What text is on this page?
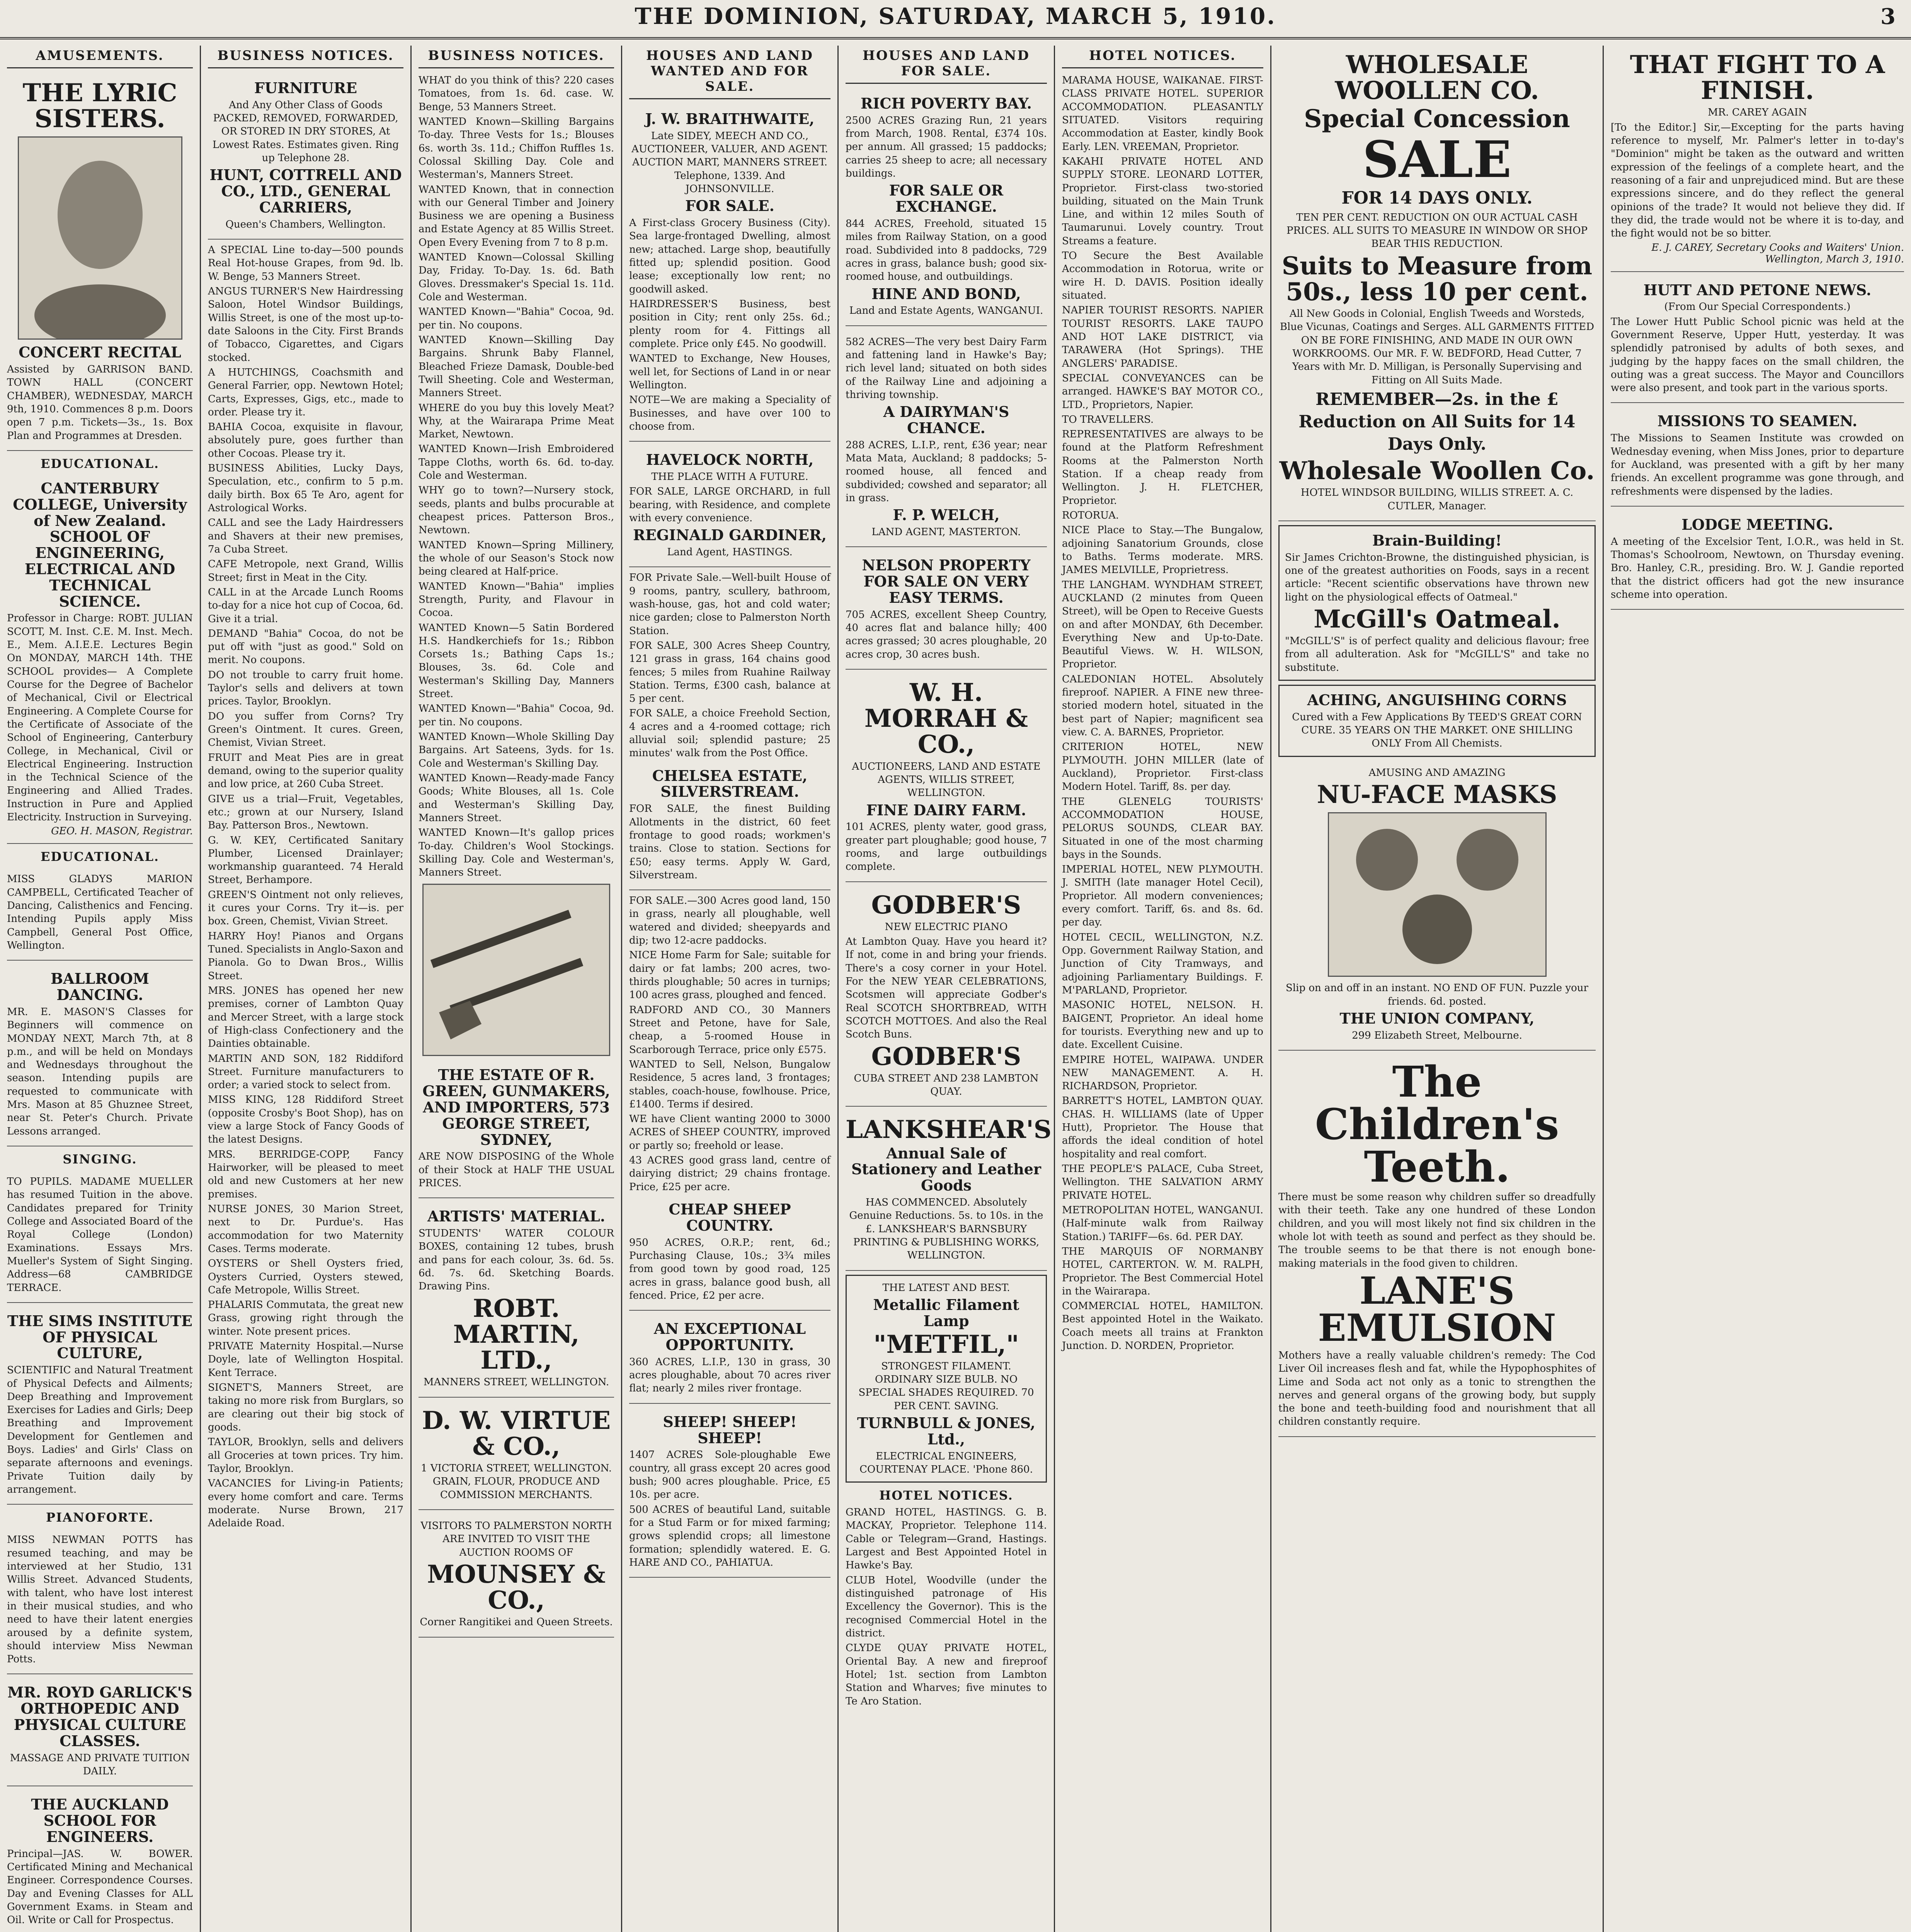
THE DOMINION, SATURDAY, MARCH 5, 1910.	3
AMUSEMENTS.
THE LYRIC SISTERS.
CONCERT RECITAL

Assisted by GARRISON BAND. TOWN HALL (CONCERT CHAMBER), WEDNESDAY, MARCH 9th, 1910. Commences 8 p.m. Doors open 7 p.m. Tickets—3s., 1s. Box Plan and Programmes at Dresden.

EDUCATIONAL.
CANTERBURY COLLEGE, University of New Zealand. SCHOOL OF ENGINEERING, ELECTRICAL AND TECHNICAL SCIENCE.

Professor in Charge: ROBT. JULIAN SCOTT, M. Inst. C.E. M. Inst. Mech. E., Mem. A.I.E.E. Lectures Begin On MONDAY, MARCH 14th. THE SCHOOL provides— A Complete Course for the Degree of Bachelor of Mechanical, Civil or Electrical Engineering. A Complete Course for the Certificate of Associate of the School of Engineering, Canterbury College, in Mechanical, Civil or Electrical Engineering. Instruction in the Technical Science of the Engineering and Allied Trades. Instruction in Pure and Applied Electricity. Instruction in Surveying.

GEO. H. MASON, Registrar.
EDUCATIONAL.

MISS GLADYS MARION CAMPBELL, Certificated Teacher of Dancing, Calisthenics and Fencing. Intending Pupils apply Miss Campbell, General Post Office, Wellington.

BALLROOM DANCING.

MR. E. MASON'S Classes for Beginners will commence on MONDAY NEXT, March 7th, at 8 p.m., and will be held on Mondays and Wednesdays throughout the season. Intending pupils are requested to communicate with Mrs. Mason at 85 Ghuznee Street, near St. Peter's Church. Private Lessons arranged.

SINGING.

TO PUPILS. MADAME MUELLER has resumed Tuition in the above. Candidates prepared for Trinity College and Associated Board of the Royal College (London) Examinations. Essays Mrs. Mueller's System of Sight Singing. Address—68 CAMBRIDGE TERRACE.

THE SIMS INSTITUTE OF PHYSICAL CULTURE,

SCIENTIFIC and Natural Treatment of Physical Defects and Ailments; Deep Breathing and Improvement Exercises for Ladies and Girls; Deep Breathing and Improvement Development for Gentlemen and Boys. Ladies' and Girls' Class on separate afternoons and evenings. Private Tuition daily by arrangement.

PIANOFORTE.

MISS NEWMAN POTTS has resumed teaching, and may be interviewed at her Studio, 131 Willis Street. Advanced Students, with talent, who have lost interest in their musical studies, and who need to have their latent energies aroused by a definite system, should interview Miss Newman Potts.

MR. ROYD GARLICK'S ORTHOPEDIC AND PHYSICAL CULTURE CLASSES.

MASSAGE AND PRIVATE TUITION DAILY.

THE AUCKLAND SCHOOL FOR ENGINEERS.

Principal—JAS. W. BOWER. Certificated Mining and Mechanical Engineer. Correspondence Courses. Day and Evening Classes for ALL Government Exams. in Steam and Oil. Write or Call for Prospectus.

BUSINESS NOTICES.
FURNITURE

And Any Other Class of Goods PACKED, REMOVED, FORWARDED, OR STORED IN DRY STORES, At Lowest Rates. Estimates given. Ring up Telephone 28.

HUNT, COTTRELL AND CO., LTD., GENERAL CARRIERS,

Queen's Chambers, Wellington.

A SPECIAL Line to-day—500 pounds Real Hot-house Grapes, from 9d. lb. W. Benge, 53 Manners Street.

ANGUS TURNER'S New Hairdressing Saloon, Hotel Windsor Buildings, Willis Street, is one of the most up-to-date Saloons in the City. First Brands of Tobacco, Cigarettes, and Cigars stocked.

A HUTCHINGS, Coachsmith and General Farrier, opp. Newtown Hotel; Carts, Expresses, Gigs, etc., made to order. Please try it.

BAHIA Cocoa, exquisite in flavour, absolutely pure, goes further than other Cocoas. Please try it.

BUSINESS Abilities, Lucky Days, Speculation, etc., confirm to 5 p.m. daily birth. Box 65 Te Aro, agent for Astrological Works.

CALL and see the Lady Hairdressers and Shavers at their new premises, 7a Cuba Street.

CAFE Metropole, next Grand, Willis Street; first in Meat in the City.

CALL in at the Arcade Lunch Rooms to-day for a nice hot cup of Cocoa, 6d. Give it a trial.

DEMAND "Bahia" Cocoa, do not be put off with "just as good." Sold on merit. No coupons.

DO not trouble to carry fruit home. Taylor's sells and delivers at town prices. Taylor, Brooklyn.

DO you suffer from Corns? Try Green's Ointment. It cures. Green, Chemist, Vivian Street.

FRUIT and Meat Pies are in great demand, owing to the superior quality and low price, at 260 Cuba Street.

GIVE us a trial—Fruit, Vegetables, etc.; grown at our Nursery, Island Bay. Patterson Bros., Newtown.

G. W. KEY, Certificated Sanitary Plumber, Licensed Drainlayer; workmanship guaranteed. 74 Herald Street, Berhampore.

GREEN'S Ointment not only relieves, it cures your Corns. Try it—is. per box. Green, Chemist, Vivian Street.

HARRY Hoy! Pianos and Organs Tuned. Specialists in Anglo-Saxon and Pianola. Go to Dwan Bros., Willis Street.

MRS. JONES has opened her new premises, corner of Lambton Quay and Mercer Street, with a large stock of High-class Confectionery and the Dainties obtainable.

MARTIN AND SON, 182 Riddiford Street. Furniture manufacturers to order; a varied stock to select from.

MISS KING, 128 Riddiford Street (opposite Crosby's Boot Shop), has on view a large Stock of Fancy Goods of the latest Designs.

MRS. BERRIDGE-COPP, Fancy Hairworker, will be pleased to meet old and new Customers at her new premises.

NURSE JONES, 30 Marion Street, next to Dr. Purdue's. Has accommodation for two Maternity Cases. Terms moderate.

OYSTERS or Shell Oysters fried, Oysters Curried, Oysters stewed, Cafe Metropole, Willis Street.

PHALARIS Commutata, the great new Grass, growing right through the winter. Note present prices.

PRIVATE Maternity Hospital.—Nurse Doyle, late of Wellington Hospital. Kent Terrace.

SIGNET'S, Manners Street, are taking no more risk from Burglars, so are clearing out their big stock of goods.

TAYLOR, Brooklyn, sells and delivers all Groceries at town prices. Try him. Taylor, Brooklyn.

VACANCIES for Living-in Patients; every home comfort and care. Terms moderate. Nurse Brown, 217 Adelaide Road.

BUSINESS NOTICES.

WHAT do you think of this? 220 cases Tomatoes, from 1s. 6d. case. W. Benge, 53 Manners Street.

WANTED Known—Skilling Bargains To-day. Three Vests for 1s.; Blouses 6s. worth 3s. 11d.; Chiffon Ruffles 1s. Colossal Skilling Day. Cole and Westerman's, Manners Street.

WANTED Known, that in connection with our General Timber and Joinery Business we are opening a Business and Estate Agency at 85 Willis Street. Open Every Evening from 7 to 8 p.m.

WANTED Known—Colossal Skilling Day, Friday. To-Day. 1s. 6d. Bath Gloves. Dressmaker's Special 1s. 11d. Cole and Westerman.

WANTED Known—"Bahia" Cocoa, 9d. per tin. No coupons.

WANTED Known—Skilling Day Bargains. Shrunk Baby Flannel, Bleached Frieze Damask, Double-bed Twill Sheeting. Cole and Westerman, Manners Street.

WHERE do you buy this lovely Meat? Why, at the Wairarapa Prime Meat Market, Newtown.

WANTED Known—Irish Embroidered Tappe Cloths, worth 6s. 6d. to-day. Cole and Westerman.

WHY go to town?—Nursery stock, seeds, plants and bulbs procurable at cheapest prices. Patterson Bros., Newtown.

WANTED Known—Spring Millinery, the whole of our Season's Stock now being cleared at Half-price.

WANTED Known—"Bahia" implies Strength, Purity, and Flavour in Cocoa.

WANTED Known—5 Satin Bordered H.S. Handkerchiefs for 1s.; Ribbon Corsets 1s.; Bathing Caps 1s.; Blouses, 3s. 6d. Cole and Westerman's Skilling Day, Manners Street.

WANTED Known—"Bahia" Cocoa, 9d. per tin. No coupons.

WANTED Known—Whole Skilling Day Bargains. Art Sateens, 3yds. for 1s. Cole and Westerman's Skilling Day.

WANTED Known—Ready-made Fancy Goods; White Blouses, all 1s. Cole and Westerman's Skilling Day, Manners Street.

WANTED Known—It's gallop prices To-day. Children's Wool Stockings. Skilling Day. Cole and Westerman's, Manners Street.

THE ESTATE OF R. GREEN, GUNMAKERS, AND IMPORTERS, 573 GEORGE STREET, SYDNEY,

ARE NOW DISPOSING of the Whole of their Stock at HALF THE USUAL PRICES.

ARTISTS' MATERIAL.

STUDENTS' WATER COLOUR BOXES, containing 12 tubes, brush and pans for each colour, 3s. 6d. 5s. 6d. 7s. 6d. Sketching Boards. Drawing Pins.

ROBT. MARTIN, LTD.,

MANNERS STREET, WELLINGTON.

D. W. VIRTUE & CO.,

1 VICTORIA STREET, WELLINGTON. GRAIN, FLOUR, PRODUCE AND COMMISSION MERCHANTS.

VISITORS TO PALMERSTON NORTH ARE INVITED TO VISIT THE AUCTION ROOMS OF

MOUNSEY & CO.,

Corner Rangitikei and Queen Streets.

HOUSES AND LAND WANTED AND FOR SALE.
J. W. BRAITHWAITE,

Late SIDEY, MEECH AND CO., AUCTIONEER, VALUER, AND AGENT. AUCTION MART, MANNERS STREET. Telephone, 1339. And JOHNSONVILLE.

FOR SALE.

A First-class Grocery Business (City). Sea large-frontaged Dwelling, almost new; attached. Large shop, beautifully fitted up; splendid position. Good lease; exceptionally low rent; no goodwill asked.

HAIRDRESSER'S Business, best position in City; rent only 25s. 6d.; plenty room for 4. Fittings all complete. Price only £45. No goodwill.

WANTED to Exchange, New Houses, well let, for Sections of Land in or near Wellington.

NOTE—We are making a Speciality of Businesses, and have over 100 to choose from.

HAVELOCK NORTH,

THE PLACE WITH A FUTURE.

FOR SALE, LARGE ORCHARD, in full bearing, with Residence, and complete with every convenience.

REGINALD GARDINER,

Land Agent, HASTINGS.

FOR Private Sale.—Well-built House of 9 rooms, pantry, scullery, bathroom, wash-house, gas, hot and cold water; nice garden; close to Palmerston North Station.

FOR SALE, 300 Acres Sheep Country, 121 grass in grass, 164 chains good fences; 5 miles from Ruahine Railway Station. Terms, £300 cash, balance at 5 per cent.

FOR SALE, a choice Freehold Section, 4 acres and a 4-roomed cottage; rich alluvial soil; splendid pasture; 25 minutes' walk from the Post Office.

CHELSEA ESTATE, SILVERSTREAM.

FOR SALE, the finest Building Allotments in the district, 60 feet frontage to good roads; workmen's trains. Close to station. Sections for £50; easy terms. Apply W. Gard, Silverstream.

FOR SALE.—300 Acres good land, 150 in grass, nearly all ploughable, well watered and divided; sheepyards and dip; two 12-acre paddocks.

NICE Home Farm for Sale; suitable for dairy or fat lambs; 200 acres, two-thirds ploughable; 50 acres in turnips; 100 acres grass, ploughed and fenced.

RADFORD AND CO., 30 Manners Street and Petone, have for Sale, cheap, a 5-roomed House in Scarborough Terrace, price only £575.

WANTED to Sell, Nelson, Bungalow Residence, 5 acres land, 3 frontages; stables, coach-house, fowlhouse. Price, £1400. Terms if desired.

WE have Client wanting 2000 to 3000 ACRES of SHEEP COUNTRY, improved or partly so; freehold or lease.

43 ACRES good grass land, centre of dairying district; 29 chains frontage. Price, £25 per acre.

CHEAP SHEEP COUNTRY.

950 ACRES, O.R.P.; rent, 6d.; Purchasing Clause, 10s.; 3¾ miles from good town by good road, 125 acres in grass, balance good bush, all fenced. Price, £2 per acre.

AN EXCEPTIONAL OPPORTUNITY.

360 ACRES, L.I.P., 130 in grass, 30 acres ploughable, about 70 acres river flat; nearly 2 miles river frontage.

SHEEP! SHEEP! SHEEP!

1407 ACRES Sole-ploughable Ewe country, all grass except 20 acres good bush; 900 acres ploughable. Price, £5 10s. per acre.

500 ACRES of beautiful Land, suitable for a Stud Farm or for mixed farming; grows splendid crops; all limestone formation; splendidly watered. E. G. HARE AND CO., PAHIATUA.

HOUSES AND LAND FOR SALE.
RICH POVERTY BAY.

2500 ACRES Grazing Run, 21 years from March, 1908. Rental, £374 10s. per annum. All grassed; 15 paddocks; carries 25 sheep to acre; all necessary buildings.

FOR SALE OR EXCHANGE.

844 ACRES, Freehold, situated 15 miles from Railway Station, on a good road. Subdivided into 8 paddocks, 729 acres in grass, balance bush; good six-roomed house, and outbuildings.

HINE AND BOND,

Land and Estate Agents, WANGANUI.

582 ACRES—The very best Dairy Farm and fattening land in Hawke's Bay; rich level land; situated on both sides of the Railway Line and adjoining a thriving township.

A DAIRYMAN'S CHANCE.

288 ACRES, L.I.P., rent, £36 year; near Mata Mata, Auckland; 8 paddocks; 5-roomed house, all fenced and subdivided; cowshed and separator; all in grass.

F. P. WELCH,

LAND AGENT, MASTERTON.

NELSON PROPERTY FOR SALE ON VERY EASY TERMS.

705 ACRES, excellent Sheep Country, 40 acres flat and balance hilly; 400 acres grassed; 30 acres ploughable, 20 acres crop, 30 acres bush.

W. H. MORRAH & CO.,

AUCTIONEERS, LAND AND ESTATE AGENTS, WILLIS STREET, WELLINGTON.

FINE DAIRY FARM.

101 ACRES, plenty water, good grass, greater part ploughable; good house, 7 rooms, and large outbuildings complete.

GODBER'S

NEW ELECTRIC PIANO

At Lambton Quay. Have you heard it? If not, come in and bring your friends. There's a cosy corner in your Hotel. For the NEW YEAR CELEBRATIONS, Scotsmen will appreciate Godber's Real SCOTCH SHORTBREAD, WITH SCOTCH MOTTOES. And also the Real Scotch Buns.

GODBER'S

CUBA STREET AND 238 LAMBTON QUAY.

LANKSHEAR'S
Annual Sale of Stationery and Leather Goods

HAS COMMENCED. Absolutely Genuine Reductions. 5s. to 10s. in the £. LANKSHEAR'S BARNSBURY PRINTING & PUBLISHING WORKS, WELLINGTON.

THE LATEST AND BEST.

Metallic Filament Lamp
"METFIL,"

STRONGEST FILAMENT. ORDINARY SIZE BULB. NO SPECIAL SHADES REQUIRED. 70 PER CENT. SAVING.

TURNBULL & JONES, Ltd.,

ELECTRICAL ENGINEERS, COURTENAY PLACE. 'Phone 860.

HOTEL NOTICES.

GRAND HOTEL, HASTINGS. G. B. MACKAY, Proprietor. Telephone 114. Cable or Telegram—Grand, Hastings. Largest and Best Appointed Hotel in Hawke's Bay.

CLUB Hotel, Woodville (under the distinguished patronage of His Excellency the Governor). This is the recognised Commercial Hotel in the district.

CLYDE QUAY PRIVATE HOTEL, Oriental Bay. A new and fireproof Hotel; 1st. section from Lambton Station and Wharves; five minutes to Te Aro Station.

HOTEL NOTICES.

MARAMA HOUSE, WAIKANAE. FIRST-CLASS PRIVATE HOTEL. SUPERIOR ACCOMMODATION. PLEASANTLY SITUATED. Visitors requiring Accommodation at Easter, kindly Book Early. LEN. VREEMAN, Proprietor.

KAKAHI PRIVATE HOTEL AND SUPPLY STORE. LEONARD LOTTER, Proprietor. First-class two-storied building, situated on the Main Trunk Line, and within 12 miles South of Taumarunui. Lovely country. Trout Streams a feature.

TO Secure the Best Available Accommodation in Rotorua, write or wire H. D. DAVIS. Position ideally situated.

NAPIER TOURIST RESORTS. NAPIER TOURIST RESORTS. LAKE TAUPO AND HOT LAKE DISTRICT, via TARAWERA (Hot Springs). THE ANGLERS' PARADISE.

SPECIAL CONVEYANCES can be arranged. HAWKE'S BAY MOTOR CO., LTD., Proprietors, Napier.

TO TRAVELLERS.

REPRESENTATIVES are always to be found at the Platform Refreshment Rooms at the Palmerston North Station. If a cheap ready from Wellington. J. H. FLETCHER, Proprietor.

ROTORUA.

NICE Place to Stay.—The Bungalow, adjoining Sanatorium Grounds, close to Baths. Terms moderate. MRS. JAMES MELVILLE, Proprietress.

THE LANGHAM. WYNDHAM STREET, AUCKLAND (2 minutes from Queen Street), will be Open to Receive Guests on and after MONDAY, 6th December. Everything New and Up-to-Date. Beautiful Views. W. H. WILSON, Proprietor.

CALEDONIAN HOTEL. Absolutely fireproof. NAPIER. A FINE new three-storied modern hotel, situated in the best part of Napier; magnificent sea view. C. A. BARNES, Proprietor.

CRITERION HOTEL, NEW PLYMOUTH. JOHN MILLER (late of Auckland), Proprietor. First-class Modern Hotel. Tariff, 8s. per day.

THE GLENELG TOURISTS' ACCOMMODATION HOUSE, PELORUS SOUNDS, CLEAR BAY. Situated in one of the most charming bays in the Sounds.

IMPERIAL HOTEL, NEW PLYMOUTH. J. SMITH (late manager Hotel Cecil), Proprietor. All modern conveniences; every comfort. Tariff, 6s. and 8s. 6d. per day.

HOTEL CECIL, WELLINGTON, N.Z. Opp. Government Railway Station, and Junction of City Tramways, and adjoining Parliamentary Buildings. F. M'PARLAND, Proprietor.

MASONIC HOTEL, NELSON. H. BAIGENT, Proprietor. An ideal home for tourists. Everything new and up to date. Excellent Cuisine.

EMPIRE HOTEL, WAIPAWA. UNDER NEW MANAGEMENT. A. H. RICHARDSON, Proprietor.

BARRETT'S HOTEL, LAMBTON QUAY. CHAS. H. WILLIAMS (late of Upper Hutt), Proprietor. The House that affords the ideal condition of hotel hospitality and real comfort.

THE PEOPLE'S PALACE, Cuba Street, Wellington. THE SALVATION ARMY PRIVATE HOTEL.

METROPOLITAN HOTEL, WANGANUI. (Half-minute walk from Railway Station.) TARIFF—6s. 6d. PER DAY.

THE MARQUIS OF NORMANBY HOTEL, CARTERTON. W. M. RALPH, Proprietor. The Best Commercial Hotel in the Wairarapa.

COMMERCIAL HOTEL, HAMILTON. Best appointed Hotel in the Waikato. Coach meets all trains at Frankton Junction. D. NORDEN, Proprietor.

WHOLESALE WOOLLEN CO.
Special Concession
SALE

FOR 14 DAYS ONLY.

TEN PER CENT. REDUCTION ON OUR ACTUAL CASH PRICES. ALL SUITS TO MEASURE IN WINDOW OR SHOP BEAR THIS REDUCTION.

Suits to Measure from 50s., less 10 per cent.

All New Goods in Colonial, English Tweeds and Worsteds, Blue Vicunas, Coatings and Serges. ALL GARMENTS FITTED ON BE FORE FINISHING, AND MADE IN OUR OWN WORKROOMS. Our MR. F. W. BEDFORD, Head Cutter, 7 Years with Mr. D. Milligan, is Personally Supervising and Fitting on All Suits Made.

REMEMBER—2s. in the £ Reduction on All Suits for 14 Days Only.

Wholesale Woollen Co.

HOTEL WINDSOR BUILDING, WILLIS STREET. A. C. CUTLER, Manager.

Brain-Building!

Sir James Crichton-Browne, the distinguished physician, is one of the greatest authorities on Foods, says in a recent article: "Recent scientific observations have thrown new light on the physiological effects of Oatmeal."

McGill's Oatmeal.

"McGILL'S" is of perfect quality and delicious flavour; free from all adulteration. Ask for "McGILL'S" and take no substitute.

ACHING, ANGUISHING CORNS

Cured with a Few Applications By TEED'S GREAT CORN CURE. 35 YEARS ON THE MARKET. ONE SHILLING ONLY From All Chemists.

AMUSING AND AMAZING

NU-FACE MASKS

Slip on and off in an instant. NO END OF FUN. Puzzle your friends. 6d. posted.

THE UNION COMPANY,

299 Elizabeth Street, Melbourne.

The Children's Teeth.

There must be some reason why children suffer so dreadfully with their teeth. Take any one hundred of these London children, and you will most likely not find six children in the whole lot with teeth as sound and perfect as they should be. The trouble seems to be that there is not enough bone-making materials in the food given to children.

LANE'S EMULSION

Mothers have a really valuable children's remedy: The Cod Liver Oil increases flesh and fat, while the Hypophosphites of Lime and Soda act not only as a tonic to strengthen the nerves and general organs of the growing body, but supply the bone and teeth-building food and nourishment that all children constantly require.

THAT FIGHT TO A FINISH.

MR. CAREY AGAIN

[To the Editor.] Sir,—Excepting for the parts having reference to myself, Mr. Palmer's letter in to-day's "Dominion" might be taken as the outward and written expression of the feelings of a complete heart, and the reasoning of a fair and unprejudiced mind. But are these expressions sincere, and do they reflect the general opinions of the trade? It would not believe they did. If they did, the trade would not be where it is to-day, and the fight would not be so bitter.

E. J. CAREY, Secretary Cooks and Waiters' Union. Wellington, March 3, 1910.
HUTT AND PETONE NEWS.

(From Our Special Correspondents.)

The Lower Hutt Public School picnic was held at the Government Reserve, Upper Hutt, yesterday. It was splendidly patronised by adults of both sexes, and judging by the happy faces on the small children, the outing was a great success. The Mayor and Councillors were also present, and took part in the various sports.

MISSIONS TO SEAMEN.

The Missions to Seamen Institute was crowded on Wednesday evening, when Miss Jones, prior to departure for Auckland, was presented with a gift by her many friends. An excellent programme was gone through, and refreshments were dispensed by the ladies.

LODGE MEETING.

A meeting of the Excelsior Tent, I.O.R., was held in St. Thomas's Schoolroom, Newtown, on Thursday evening. Bro. Hanley, C.R., presiding. Bro. W. J. Gandie reported that the district officers had got the new insurance scheme into operation.
